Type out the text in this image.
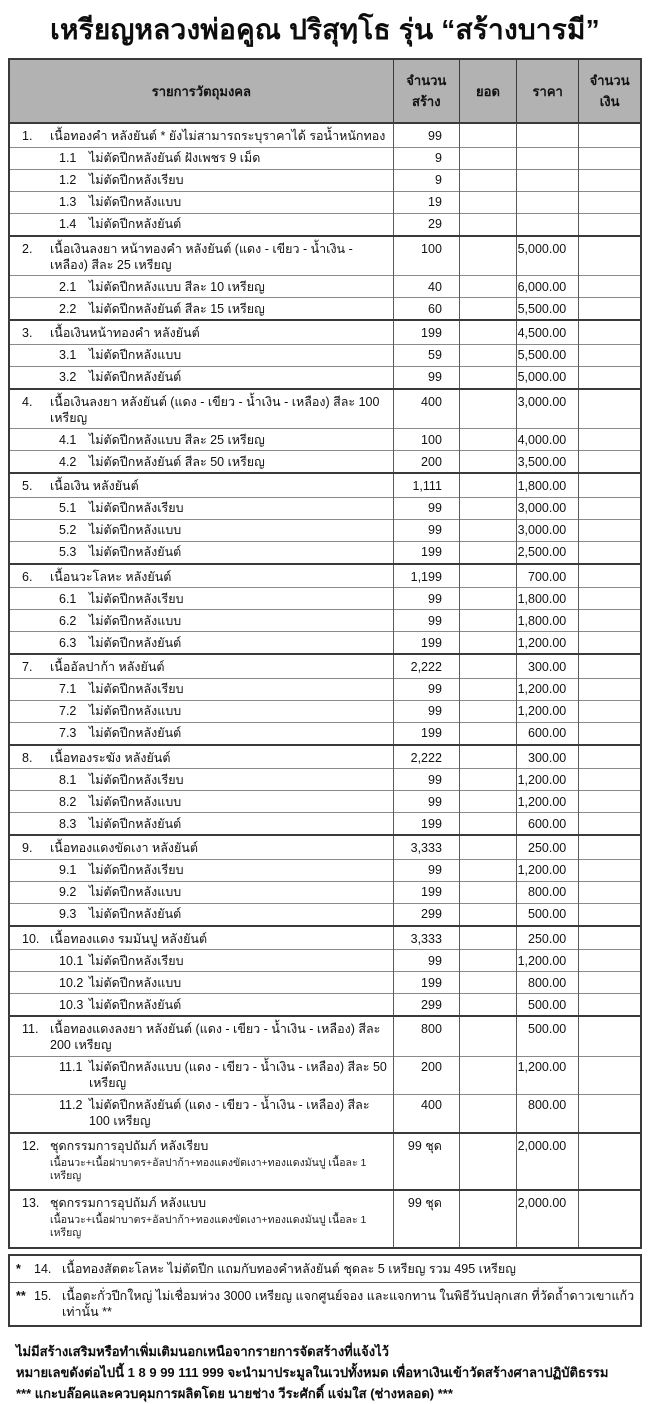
เหรียญหลวงพ่อคูณ ปริสุทฺโธ รุ่น “สร้างบารมี”
รายการวัตถุมงคล	จำนวนสร้าง	ยอด	ราคา	จำนวนเงิน

1. เนื้อทองคำ หลังยันต์ * ยังไม่สามารถระบุราคาได้ รอน้ำหนักทอง	99			

1.1 ไม่ตัดปีกหลังยันต์ ฝังเพชร 9 เม็ด	9			

1.2 ไม่ตัดปีกหลังเรียบ	9			

1.3 ไม่ตัดปีกหลังแบบ	19			

1.4 ไม่ตัดปีกหลังยันต์	29			

2. เนื้อเงินลงยา หน้าทองคำ หลังยันต์ (แดง - เขียว - น้ำเงิน - เหลือง) สีละ 25 เหรียญ	100		5,000.00	

2.1 ไม่ตัดปีกหลังแบบ สีละ 10 เหรียญ	40		6,000.00	

2.2 ไม่ตัดปีกหลังยันต์ สีละ 15 เหรียญ	60		5,500.00	

3. เนื้อเงินหน้าทองคำ หลังยันต์	199		4,500.00	

3.1 ไม่ตัดปีกหลังแบบ	59		5,500.00	

3.2 ไม่ตัดปีกหลังยันต์	99		5,000.00	

4. เนื้อเงินลงยา หลังยันต์ (แดง - เขียว - น้ำเงิน - เหลือง) สีละ 100 เหรียญ	400		3,000.00	

4.1 ไม่ตัดปีกหลังแบบ สีละ 25 เหรียญ	100		4,000.00	

4.2 ไม่ตัดปีกหลังยันต์ สีละ 50 เหรียญ	200		3,500.00	

5. เนื้อเงิน หลังยันต์	1,111		1,800.00	

5.1 ไม่ตัดปีกหลังเรียบ	99		3,000.00	

5.2 ไม่ตัดปีกหลังแบบ	99		3,000.00	

5.3 ไม่ตัดปีกหลังยันต์	199		2,500.00	

6. เนื้อนวะโลหะ หลังยันต์	1,199		700.00	

6.1 ไม่ตัดปีกหลังเรียบ	99		1,800.00	

6.2 ไม่ตัดปีกหลังแบบ	99		1,800.00	

6.3 ไม่ตัดปีกหลังยันต์	199		1,200.00	

7. เนื้ออัลปาก้า หลังยันต์	2,222		300.00	

7.1 ไม่ตัดปีกหลังเรียบ	99		1,200.00	

7.2 ไม่ตัดปีกหลังแบบ	99		1,200.00	

7.3 ไม่ตัดปีกหลังยันต์	199		600.00	

8. เนื้อทองระฆัง หลังยันต์	2,222		300.00	

8.1 ไม่ตัดปีกหลังเรียบ	99		1,200.00	

8.2 ไม่ตัดปีกหลังแบบ	99		1,200.00	

8.3 ไม่ตัดปีกหลังยันต์	199		600.00	

9. เนื้อทองแดงขัดเงา หลังยันต์	3,333		250.00	

9.1 ไม่ตัดปีกหลังเรียบ	99		1,200.00	

9.2 ไม่ตัดปีกหลังแบบ	199		800.00	

9.3 ไม่ตัดปีกหลังยันต์	299		500.00	

10. เนื้อทองแดง รมมันปู หลังยันต์	3,333		250.00	

10.1 ไม่ตัดปีกหลังเรียบ	99		1,200.00	

10.2 ไม่ตัดปีกหลังแบบ	199		800.00	

10.3 ไม่ตัดปีกหลังยันต์	299		500.00	

11. เนื้อทองแดงลงยา หลังยันต์ (แดง - เขียว - น้ำเงิน - เหลือง) สีละ 200 เหรียญ	800		500.00	

11.1 ไม่ตัดปีกหลังแบบ (แดง - เขียว - น้ำเงิน - เหลือง) สีละ 50 เหรียญ	200		1,200.00	

11.2 ไม่ตัดปีกหลังยันต์ (แดง - เขียว - น้ำเงิน - เหลือง) สีละ 100 เหรียญ	400		800.00	

12. ชุดกรรมการอุปถัมภ์ หลังเรียบ
เนื้อนวะ+เนื้อฝาบาตร+อัลปาก้า+ทองแดงขัดเงา+ทองแดงมันปู เนื้อละ 1 เหรียญ	99 ชุด		2,000.00	

13. ชุดกรรมการอุปถัมภ์ หลังแบบ
เนื้อนวะ+เนื้อฝาบาตร+อัลปาก้า+ทองแดงขัดเงา+ทองแดงมันปู เนื้อละ 1 เหรียญ	99 ชุด		2,000.00	
*	14. เนื้อทองสัตตะโลหะ ไม่ตัดปีก แถมกับทองคำหลังยันต์ ชุดละ 5 เหรียญ รวม 495 เหรียญ
** 15. เนื้อตะกั่วปีกใหญ่ ไม่เชื่อมห่วง 3000 เหรียญ แจกศูนย์จอง และแจกทาน ในพิธีวันปลุกเสก ที่วัดถ้ำดาวเขาแก้ว เท่านั้น **
ไม่มีสร้างเสริมหรือทำเพิ่มเติมนอกเหนือจากรายการจัดสร้างที่แจ้งไว้
หมายเลขดังต่อไปนี้ 1 8 9 99 111 999 จะนำมาประมูลในเวปทั้งหมด เพื่อหาเงินเข้าวัดสร้างศาลาปฏิบัติธรรม
*** แกะบล๊อคและควบคุมการผลิตโดย นายช่าง วีระศักดิ์ แจ่มใส (ช่างหลอด) ***
